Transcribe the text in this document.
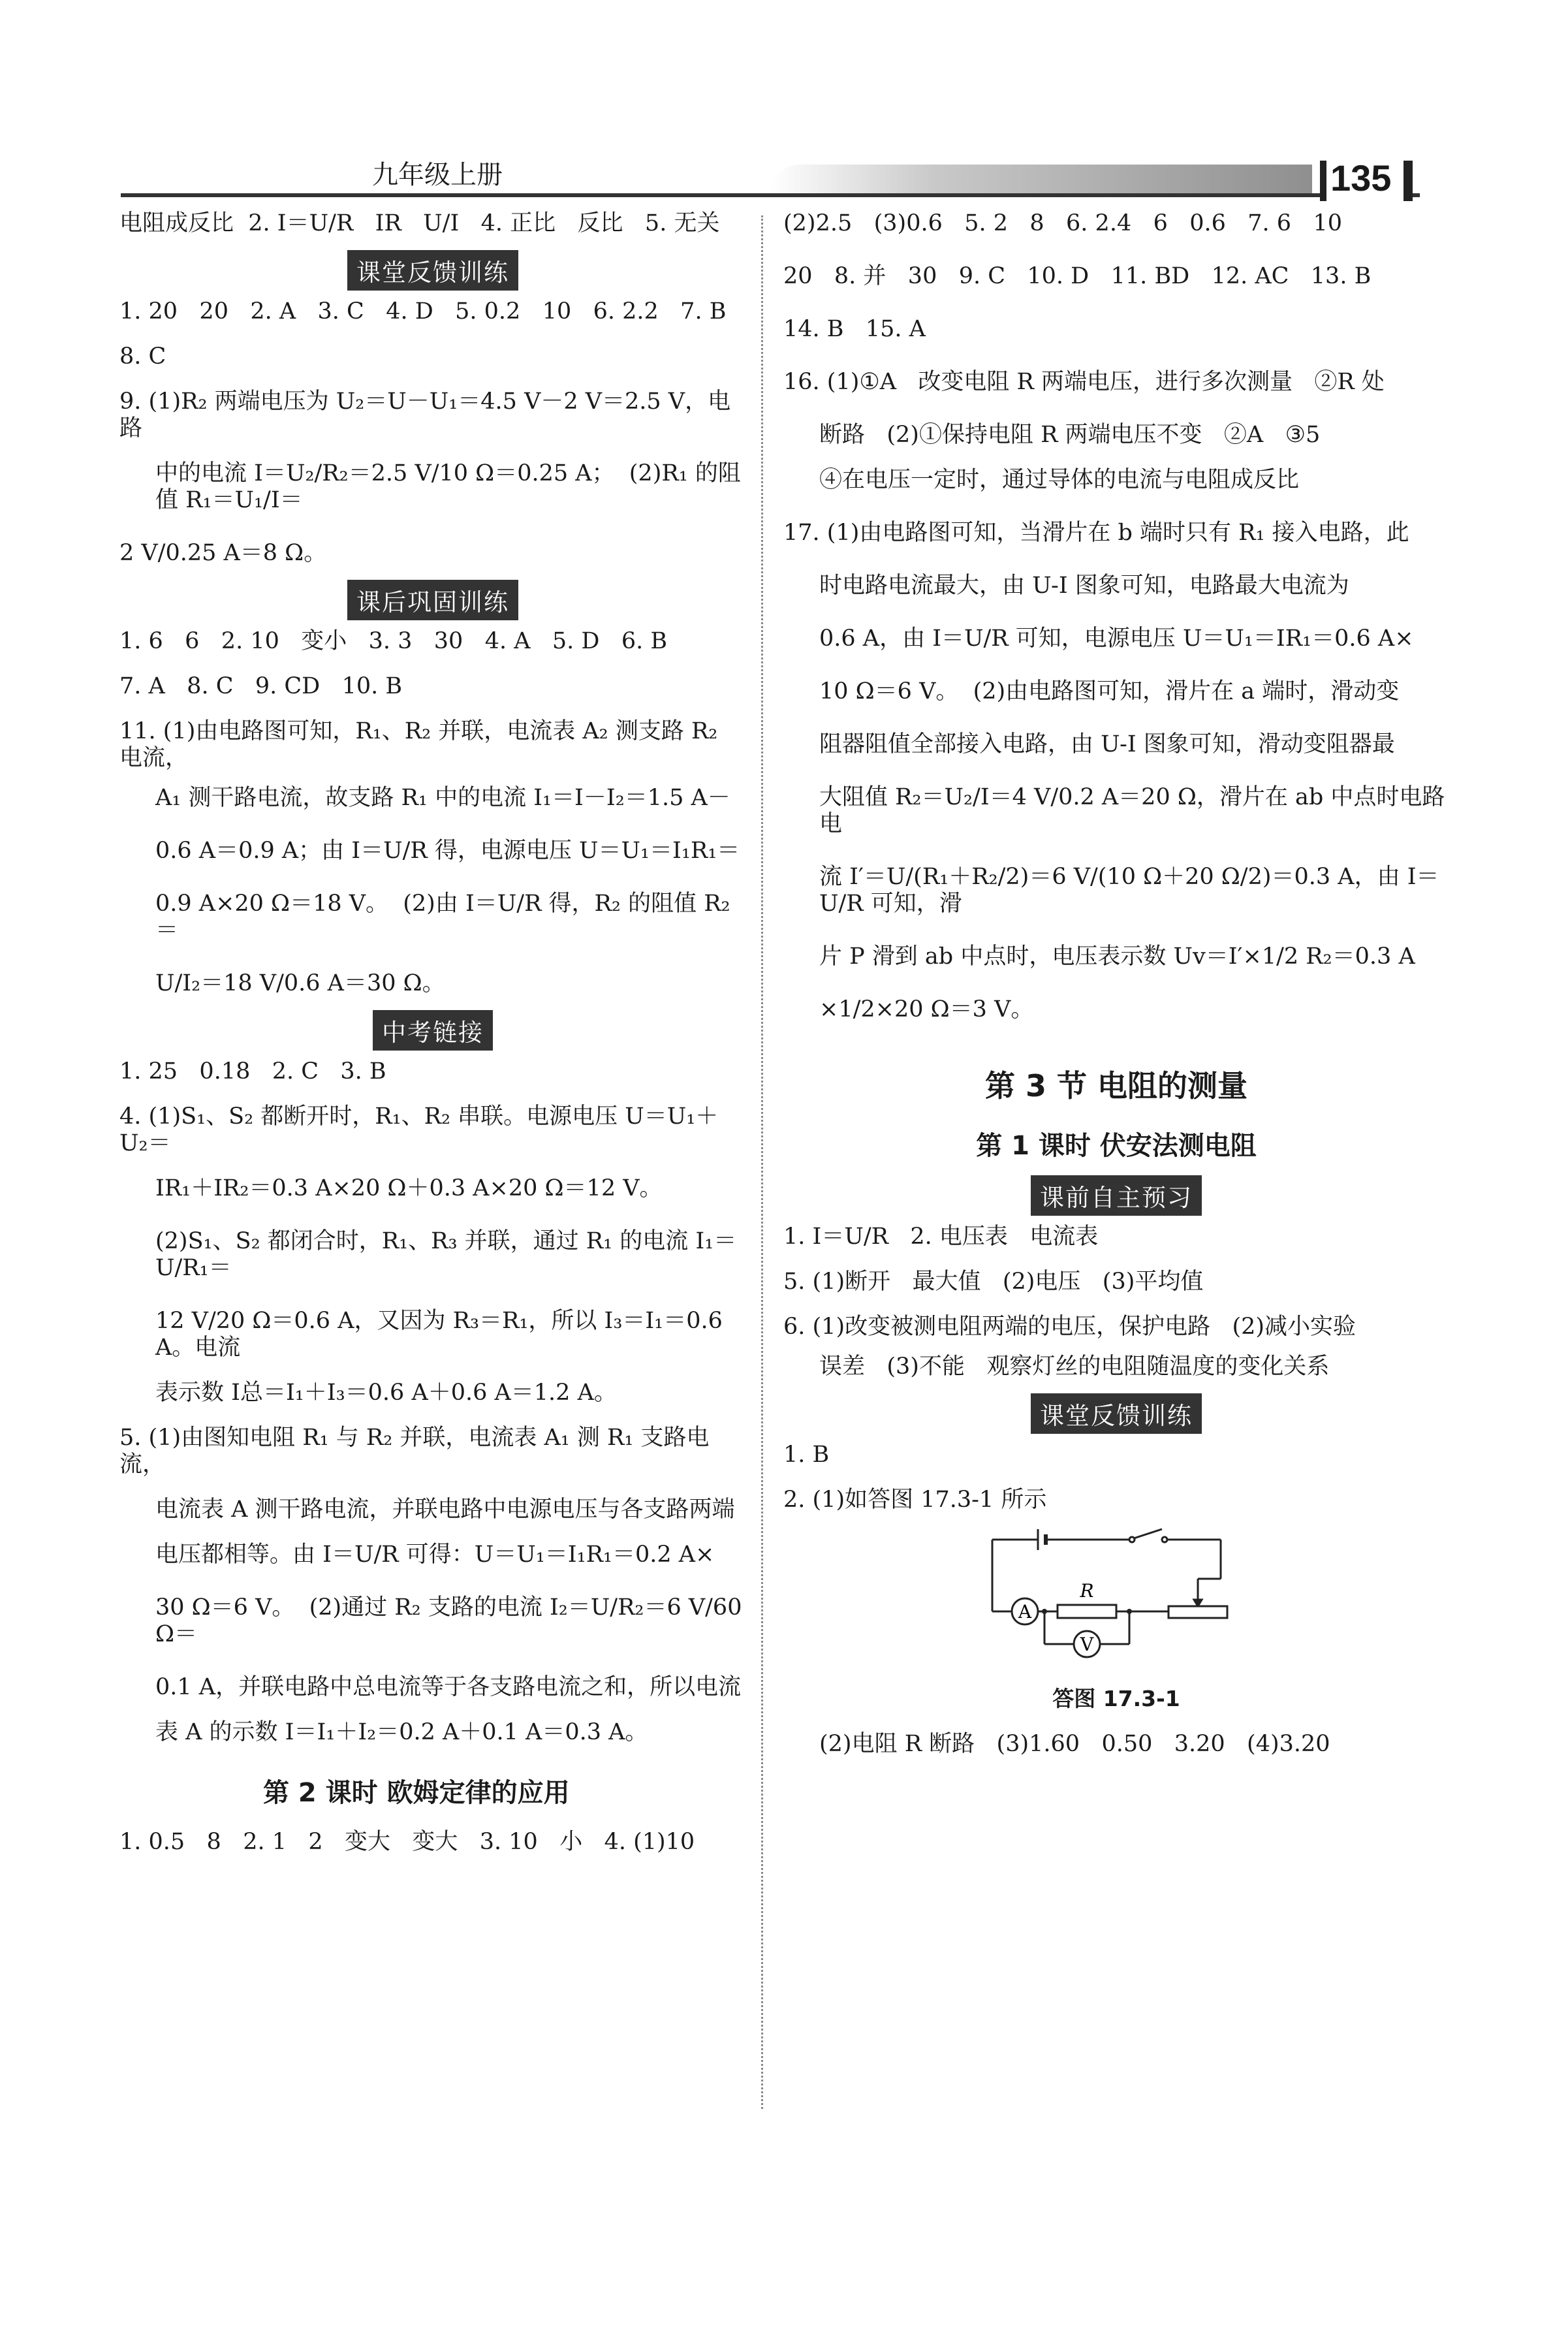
九年级上册	135

电阻成反比  2. I＝U/R   IR   U/I   4. 正比   反比   5. 无关

课堂反馈训练

1. 20   20   2. A   3. C   4. D   5. 0.2   10   6. 2.2   7. B

8. C

9. (1)R₂ 两端电压为 U₂＝U－U₁＝4.5 V－2 V＝2.5 V，电路

中的电流 I＝U₂/R₂＝2.5 V/10 Ω＝0.25 A；  (2)R₁ 的阻值 R₁＝U₁/I＝

2 V/0.25 A＝8 Ω。

课后巩固训练

1. 6   6   2. 10   变小   3. 3   30   4. A   5. D   6. B

7. A   8. C   9. CD   10. B

11. (1)由电路图可知，R₁、R₂ 并联，电流表 A₂ 测支路 R₂ 电流，

A₁ 测干路电流，故支路 R₁ 中的电流 I₁＝I－I₂＝1.5 A－

0.6 A＝0.9 A；由 I＝U/R 得，电源电压 U＝U₁＝I₁R₁＝

0.9 A×20 Ω＝18 V。  (2)由 I＝U/R 得，R₂ 的阻值 R₂＝

U/I₂＝18 V/0.6 A＝30 Ω。

中考链接

1. 25   0.18   2. C   3. B

4. (1)S₁、S₂ 都断开时，R₁、R₂ 串联。电源电压 U＝U₁＋U₂＝

IR₁＋IR₂＝0.3 A×20 Ω＋0.3 A×20 Ω＝12 V。

(2)S₁、S₂ 都闭合时，R₁、R₃ 并联，通过 R₁ 的电流 I₁＝U/R₁＝

12 V/20 Ω＝0.6 A，又因为 R₃＝R₁，所以 I₃＝I₁＝0.6 A。电流

表示数 I总＝I₁＋I₃＝0.6 A＋0.6 A＝1.2 A。

5. (1)由图知电阻 R₁ 与 R₂ 并联，电流表 A₁ 测 R₁ 支路电流，

电流表 A 测干路电流，并联电路中电源电压与各支路两端

电压都相等。由 I＝U/R 可得：U＝U₁＝I₁R₁＝0.2 A×

30 Ω＝6 V。  (2)通过 R₂ 支路的电流 I₂＝U/R₂＝6 V/60 Ω＝

0.1 A，并联电路中总电流等于各支路电流之和，所以电流

表 A 的示数 I＝I₁＋I₂＝0.2 A＋0.1 A＝0.3 A。

第 2 课时 欧姆定律的应用

1. 0.5   8   2. 1   2   变大   变大   3. 10   小   4. (1)10

(2)2.5   (3)0.6   5. 2   8   6. 2.4   6   0.6   7. 6   10

20   8. 并   30   9. C   10. D   11. BD   12. AC   13. B

14. B   15. A

16. (1)①A   改变电阻 R 两端电压，进行多次测量   ②R 处

断路   (2)①保持电阻 R 两端电压不变   ②A   ③5

④在电压一定时，通过导体的电流与电阻成反比

17. (1)由电路图可知，当滑片在 b 端时只有 R₁ 接入电路，此

时电路电流最大，由 U-I 图象可知，电路最大电流为

0.6 A，由 I＝U/R 可知，电源电压 U＝U₁＝IR₁＝0.6 A×

10 Ω＝6 V。  (2)由电路图可知，滑片在 a 端时，滑动变

阻器阻值全部接入电路，由 U-I 图象可知，滑动变阻器最

大阻值 R₂＝U₂/I＝4 V/0.2 A＝20 Ω，滑片在 ab 中点时电路电

流 I′＝U/(R₁＋R₂/2)＝6 V/(10 Ω＋20 Ω/2)＝0.3 A，由 I＝U/R 可知，滑

片 P 滑到 ab 中点时，电压表示数 Uv＝I′×1/2 R₂＝0.3 A

×1/2×20 Ω＝3 V。

第 3 节 电阻的测量
第 1 课时 伏安法测电阻
课前自主预习

1. I＝U/R   2. 电压表   电流表

5. (1)断开   最大值   (2)电压   (3)平均值

6. (1)改变被测电阻两端的电压，保护电路   (2)减小实验

误差   (3)不能   观察灯丝的电阻随温度的变化关系

课堂反馈训练

1. B

2. (1)如答图 17.3-1 所示

A
V
R
答图 17.3-1

(2)电阻 R 断路   (3)1.60   0.50   3.20   (4)3.20
